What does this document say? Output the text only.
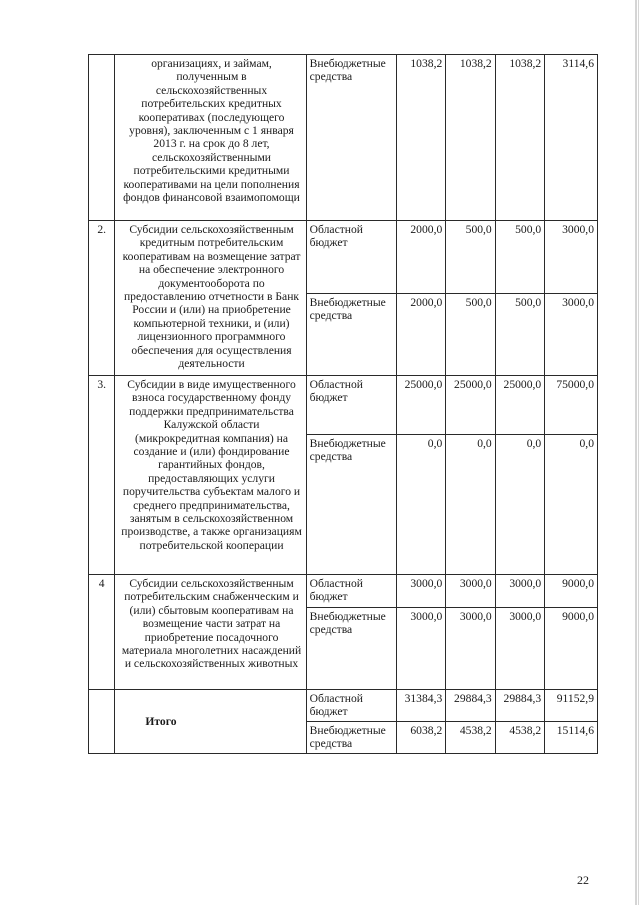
	организациях, и займам, полученным в сельскохозяйственных потребительских кредитных кооперативах (последующего уровня), заключенным с 1 января 2013 г. на срок до 8 лет, сельскохозяйственными потребительскими кредитными кооперативами на цели пополнения фондов финансовой взаимопомощи	Внебюджетные средства	1038,2	1038,2	1038,2	3114,6
2.	Субсидии сельскохозяйственным кредитным потребительским кооперативам на возмещение затрат на обеспечение электронного документооборота по предоставлению отчетности в Банк России и (или) на приобретение компьютерной техники, и (или) лицензионного программного обеспечения для осуществления деятельности	Областной бюджет	2000,0	500,0	500,0	3000,0
		Внебюджетные средства	2000,0	500,0	500,0	3000,0
3.	Субсидии в виде имущественного взноса государственному фонду поддержки предпринимательства Калужской области (микрокредитная компания) на создание и (или) фондирование гарантийных фондов, предоставляющих услуги поручительства субъектам малого и среднего предпринимательства, занятым в сельскохозяйственном производстве, а также организациям потребительской кооперации	Областной бюджет	25000,0	25000,0	25000,0	75000,0
		Внебюджетные средства	0,0	0,0	0,0	0,0
4	Субсидии сельскохозяйственным потребительским снабженческим и (или) сбытовым кооперативам на возмещение части затрат на приобретение посадочного материала многолетних насаждений и сельскохозяйственных животных	Областной бюджет	3000,0	3000,0	3000,0	9000,0
		Внебюджетные средства	3000,0	3000,0	3000,0	9000,0
	Итого	Областной бюджет	31384,3	29884,3	29884,3	91152,9
		Внебюджетные средства	6038,2	4538,2	4538,2	15114,6
22
